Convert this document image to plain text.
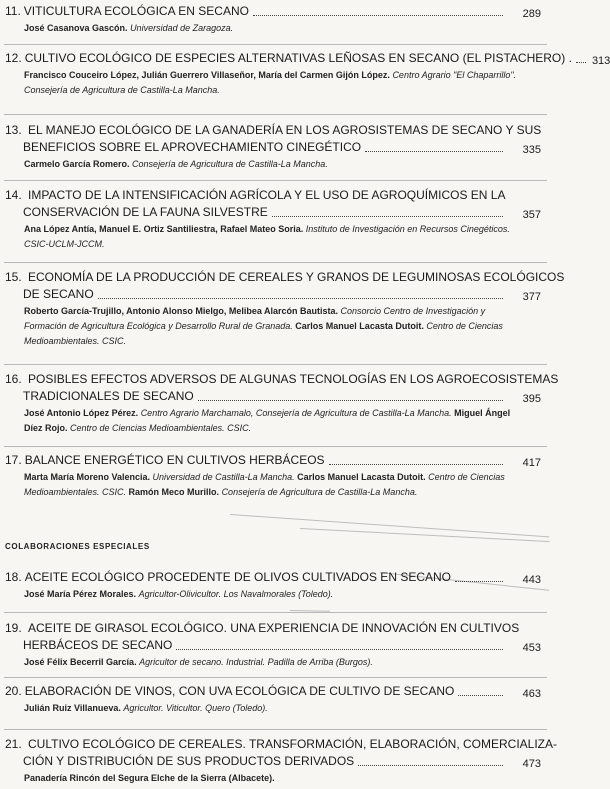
COLABORACIONES ESPECIALES
11. VITICULTURA ECOLÓGICA EN SECANO	289
José Casanova Gascón. Universidad de Zaragoza.
12. CULTIVO ECOLÓGICO DE ESPECIES ALTERNATIVAS LEÑOSAS EN SECANO (EL PISTACHERO) . 313
Francisco Couceiro López, Julián Guerrero Villaseñor, María del Carmen Gijón López. Centro Agrario "El Chaparrillo". Consejería de Agricultura de Castilla-La Mancha.
13. EL MANEJO ECOLÓGICO DE LA GANADERÍA EN LOS AGROSISTEMAS DE SECANO Y SUS
BENEFICIOS SOBRE EL APROVECHAMIENTO CINEGÉTICO	335
Carmelo García Romero. Consejería de Agricultura de Castilla-La Mancha.
14. IMPACTO DE LA INTENSIFICACIÓN AGRÍCOLA Y EL USO DE AGROQUÍMICOS EN LA
CONSERVACIÓN DE LA FAUNA SILVESTRE	357
Ana López Antía, Manuel E. Ortiz Santiliestra, Rafael Mateo Soria. Instituto de Investigación en Recursos Cinegéticos. CSIC-UCLM-JCCM.
15. ECONOMÍA DE LA PRODUCCIÓN DE CEREALES Y GRANOS DE LEGUMINOSAS ECOLÓGICOS
DE SECANO	377
Roberto García-Trujillo, Antonio Alonso Mielgo, Melibea Alarcón Bautista. Consorcio Centro de Investigación y Formación de Agricultura Ecológica y Desarrollo Rural de Granada. Carlos Manuel Lacasta Dutoit. Centro de Ciencias Medioambientales. CSIC.
16. POSIBLES EFECTOS ADVERSOS DE ALGUNAS TECNOLOGÍAS EN LOS AGROECOSISTEMAS
TRADICIONALES DE SECANO	395
José Antonio López Pérez. Centro Agrario Marchamalo, Consejería de Agricultura de Castilla-La Mancha. Miguel Ángel Díez Rojo. Centro de Ciencias Medioambientales. CSIC.
17. BALANCE ENERGÉTICO EN CULTIVOS HERBÁCEOS	417
Marta María Moreno Valencia. Universidad de Castilla-La Mancha. Carlos Manuel Lacasta Dutoit. Centro de Ciencias Medioambientales. CSIC. Ramón Meco Murillo. Consejería de Agricultura de Castilla-La Mancha.
18. ACEITE ECOLÓGICO PROCEDENTE DE OLIVOS CULTIVADOS EN SECANO	443
José María Pérez Morales. Agricultor-Olivicultor. Los Navalmorales (Toledo).
19. ACEITE DE GIRASOL ECOLÓGICO. UNA EXPERIENCIA DE INNOVACIÓN EN CULTIVOS
HERBÁCEOS DE SECANO	453
José Félix Becerril García. Agricultor de secano. Industrial. Padilla de Arriba (Burgos).
20. ELABORACIÓN DE VINOS, CON UVA ECOLÓGICA DE CULTIVO DE SECANO	463
Julián Ruiz Villanueva. Agricultor. Viticultor. Quero (Toledo).
21. CULTIVO ECOLÓGICO DE CEREALES. TRANSFORMACIÓN, ELABORACIÓN, COMERCIALIZA-
CIÓN Y DISTRIBUCIÓN DE SUS PRODUCTOS DERIVADOS	473
Panadería Rincón del Segura Elche de la Sierra (Albacete).
